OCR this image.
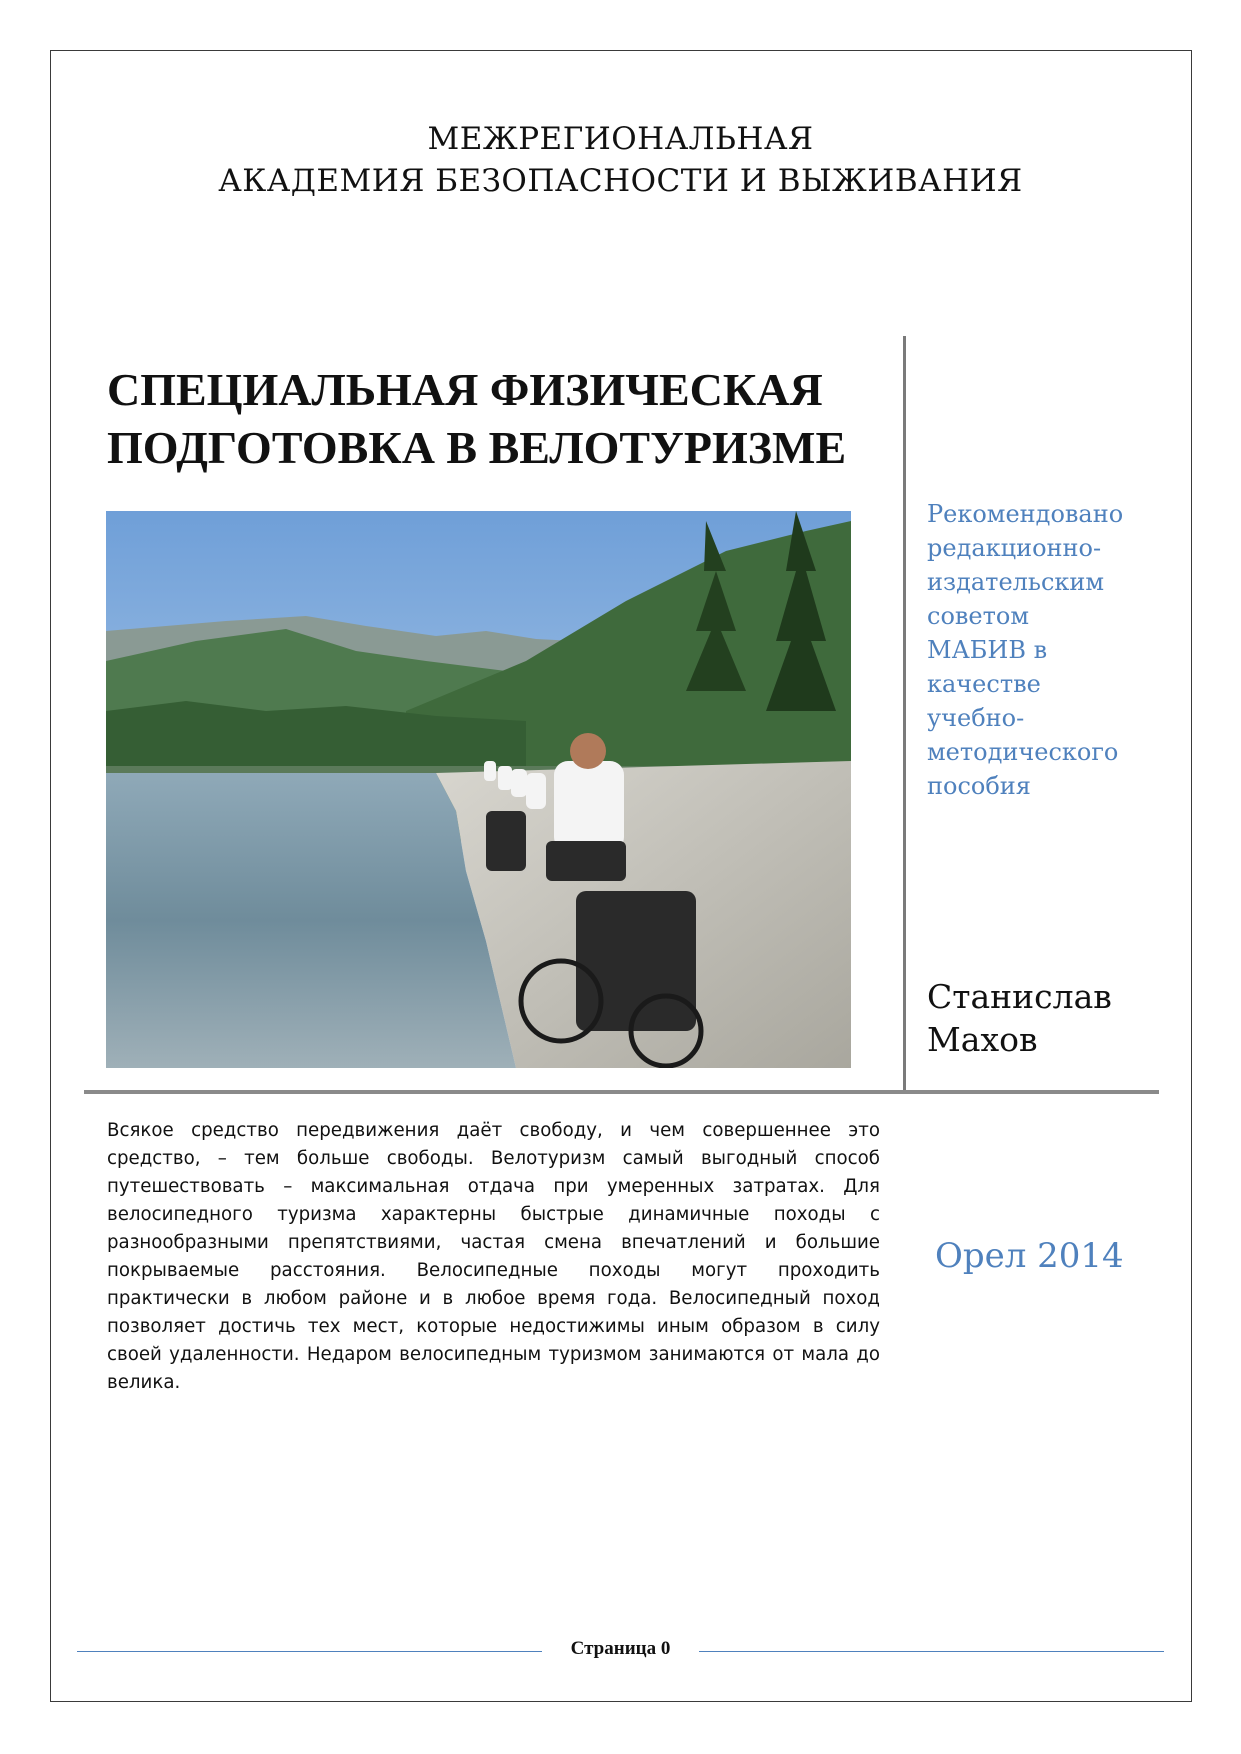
МЕЖРЕГИОНАЛЬНАЯ
АКАДЕМИЯ БЕЗОПАСНОСТИ И ВЫЖИВАНИЯ
СПЕЦИАЛЬНАЯ ФИЗИЧЕСКАЯ
ПОДГОТОВКА В ВЕЛОТУРИЗМЕ
Рекомендовано
редакционно-
издательским
советом
МАБИВ в
качестве
учебно-
методического
пособия
Станислав
Махов
Всякое средство передвижения даёт свободу, и чем совершеннее это средство, – тем больше свободы. Велотуризм самый выгодный способ путешествовать – максимальная отдача при умеренных затратах. Для велосипедного туризма характерны быстрые динамичные походы с разнообразными препятствиями, частая смена впечатлений и большие покрываемые расстояния. Велосипедные походы могут проходить практически в любом районе и в любое время года. Велосипедный поход позволяет достичь тех мест, которые недостижимы иным образом в силу своей удаленности. Недаром велосипедным туризмом занимаются от мала до велика.
Орел 2014
Страница 0
